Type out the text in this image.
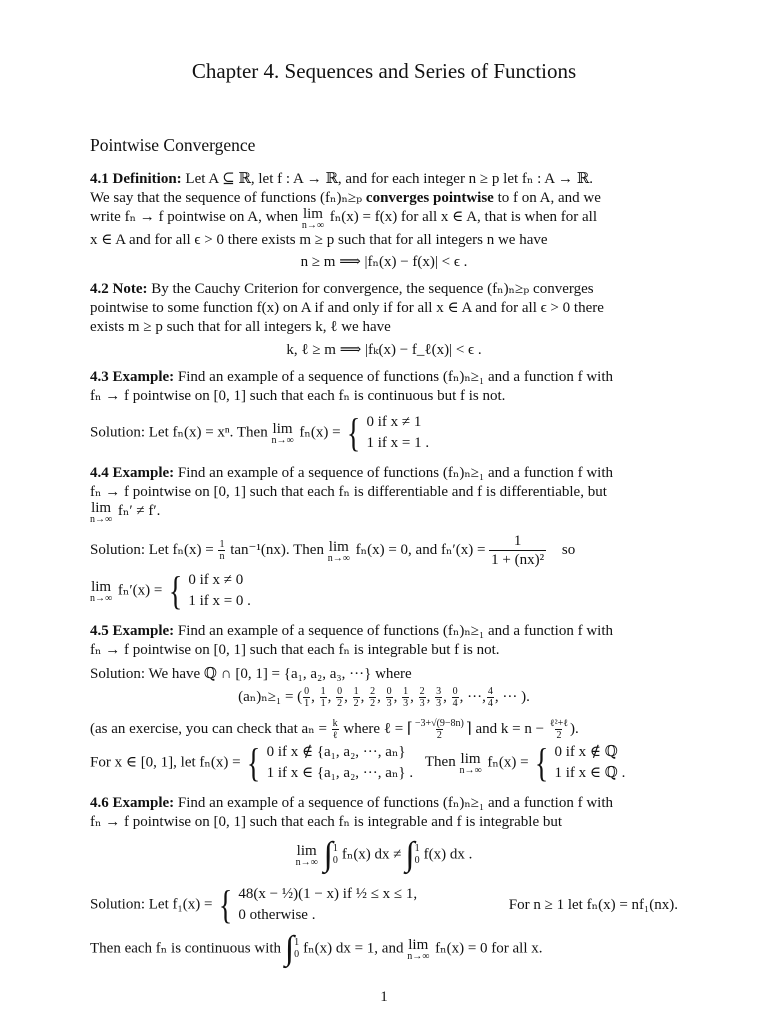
Chapter 4. Sequences and Series of Functions
Pointwise Convergence
4.1 Definition: Let A ⊆ ℝ, let f : A → ℝ, and for each integer n ≥ p let fₙ : A → ℝ.
We say that the sequence of functions (fₙ)ₙ≥ₚ converges pointwise to f on A, and we
write fₙ → f pointwise on A, when lim
n→∞
fₙ(x) = f(x) for all x ∈ A, that is when for all
x ∈ A and for all ϵ > 0 there exists m ≥ p such that for all integers n we have
n ≥ m ⟹ |fₙ(x) − f(x)| < ϵ .
4.2 Note: By the Cauchy Criterion for convergence, the sequence (fₙ)ₙ≥ₚ converges
pointwise to some function f(x) on A if and only if for all x ∈ A and for all ϵ > 0 there
exists m ≥ p such that for all integers k, ℓ we have
k, ℓ ≥ m ⟹ |fₖ(x) − f_ℓ(x)| < ϵ .
4.3 Example: Find an example of a sequence of functions (fₙ)ₙ≥₁ and a function f with
fₙ → f pointwise on [0, 1] such that each fₙ is continuous but f is not.
Solution: Let fₙ(x) = xⁿ. Then lim
n→∞
fₙ(x) = { 0 if x ≠ 1
1 if x = 1 .
4.4 Example: Find an example of a sequence of functions (fₙ)ₙ≥₁ and a function f with
fₙ → f pointwise on [0, 1] such that each fₙ is differentiable and f is differentiable, but
lim
n→∞
fₙ′ ≠ f′.
Solution: Let $f_n(x) = \frac{1}{n} \tan^{-1}(nx)$. Then lim
n→∞
fₙ(x) = 0, and $f_n'(x) = \frac{1}{\text{1 + (nx)²}}$ so
lim
n→∞
fₙ′(x) = { 0 if x ≠ 0
1 if x = 0 .
4.5 Example: Find an example of a sequence of functions (fₙ)ₙ≥₁ and a function f with
fₙ → f pointwise on [0, 1] such that each fₙ is integrable but f is not.
Solution: We have ℚ ∩ [0, 1] = {a₁, a₂, a₃, ···} where
(aₙ)ₙ≥₁ = ( $\frac{0}{1}$ , $\frac{1}{1}$ , $\frac{0}{2}$ , $\frac{1}{2}$ , $\frac{2}{2}$ , $\frac{0}{3}$ , $\frac{1}{3}$ , $\frac{2}{3}$ , $\frac{3}{3}$ , $\frac{0}{4}$ , ···, $\frac{4}{4}$ , ··· ).
(as an exercise, you can check that $a_n = \frac{k}{\text{ℓ}}$ where ℓ = ⌈ $\frac{-3+√(9-8n)}{2}$ ⌉ and $k = n - \frac{\text{ℓ²+ℓ}}{2}$ ).
For x ∈ [0, 1], let fₙ(x) = { 0 if x ∉ {a₁, a₂, ···, aₙ}
1 if x ∈ {a₁, a₂, ···, aₙ} .
Then lim
n→∞
fₙ(x) = { 0 if x ∉ ℚ
1 if x ∈ ℚ .
4.6 Example: Find an example of a sequence of functions (fₙ)ₙ≥₁ and a function f with
fₙ → f pointwise on [0, 1] such that each fₙ is integrable and f is integrable but
lim
n→∞
∫ 1
0 fₙ(x) dx ≠ ∫ 1
0 f(x) dx .
Solution: Let f₁(x) = { 48(x − ½)(1 − x) if ½ ≤ x ≤ 1,
0 otherwise .
For n ≥ 1 let fₙ(x) = nf₁(nx).
Then each fₙ is continuous with ∫ 1
0 fₙ(x) dx = 1, and lim
n→∞
fₙ(x) = 0 for all x.
1
